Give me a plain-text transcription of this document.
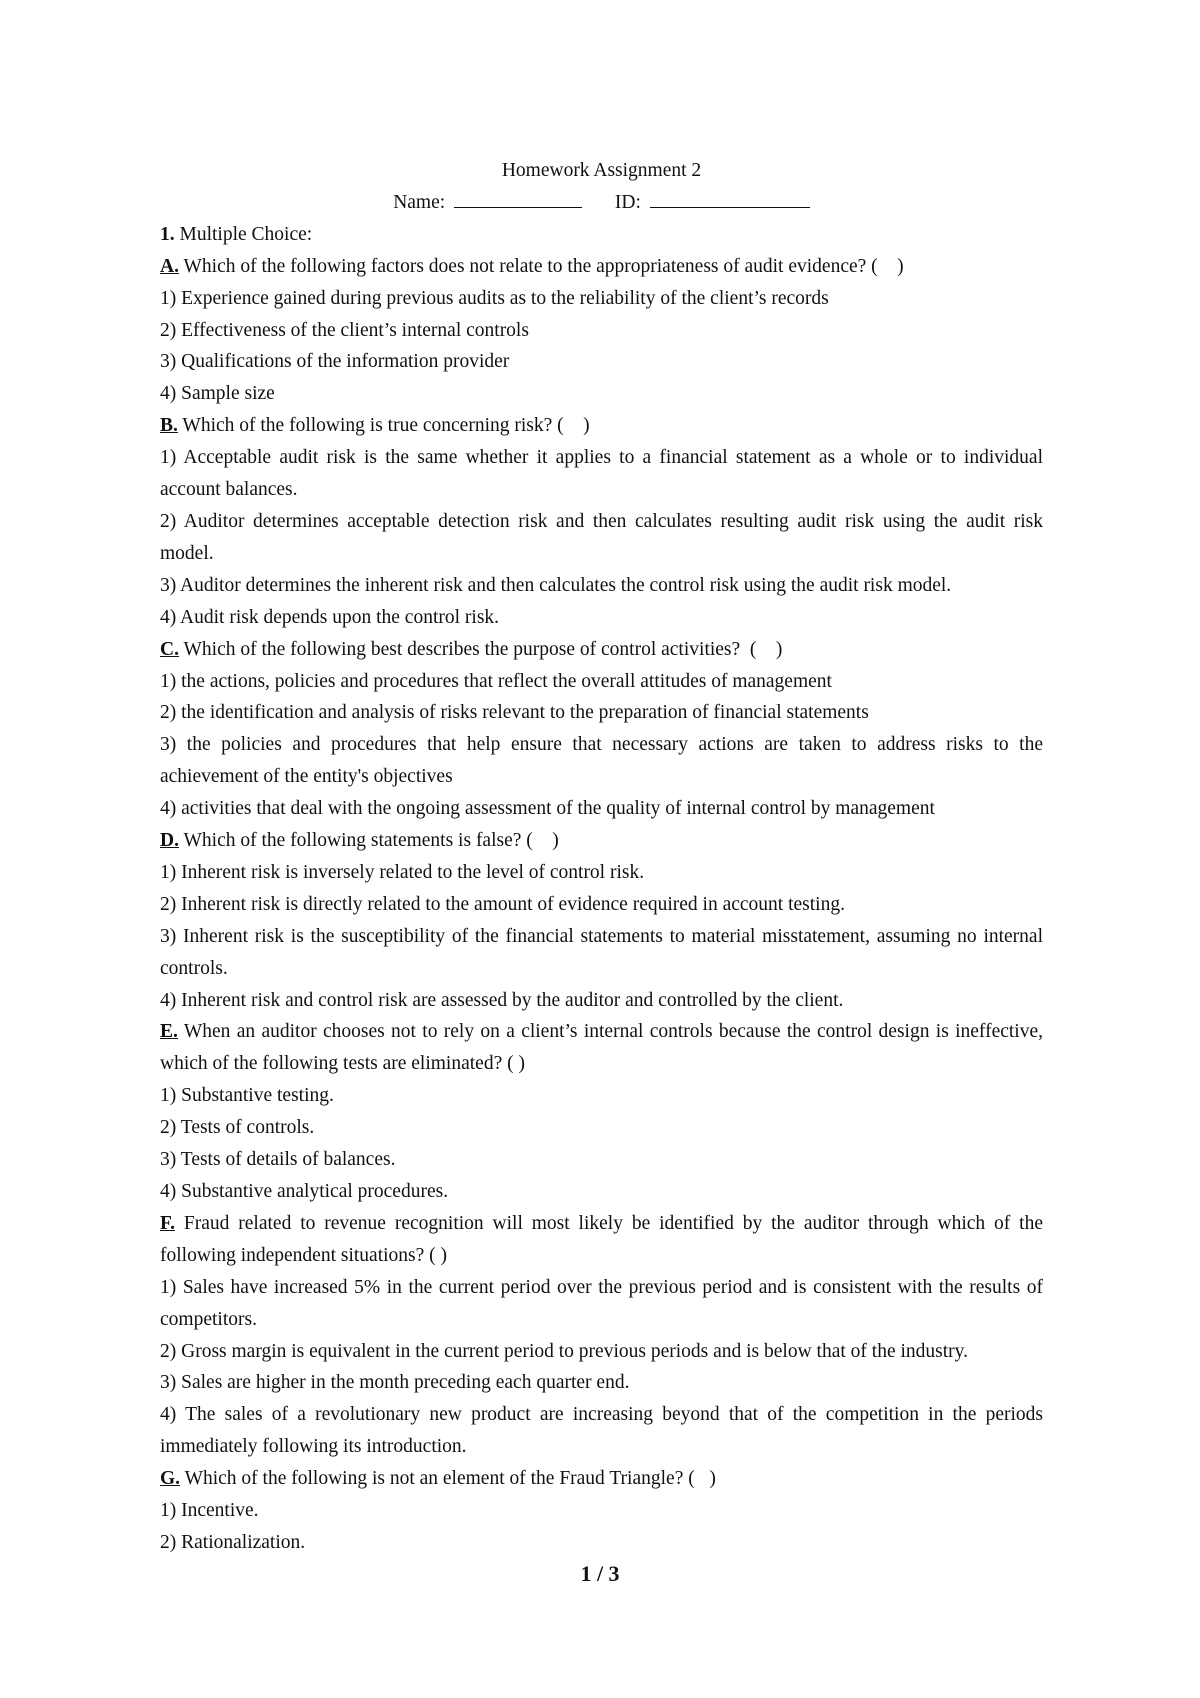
Homework Assignment 2

Name:	ID:

1. Multiple Choice:

A. Which of the following factors does not relate to the appropriateness of audit evidence? (    )

1) Experience gained during previous audits as to the reliability of the client’s records

2) Effectiveness of the client’s internal controls

3) Qualifications of the information provider

4) Sample size

B. Which of the following is true concerning risk? (    )

1) Acceptable audit risk is the same whether it applies to a financial statement as a whole or to individual account balances.

2) Auditor determines acceptable detection risk and then calculates resulting audit risk using the audit risk model.

3) Auditor determines the inherent risk and then calculates the control risk using the audit risk model.

4) Audit risk depends upon the control risk.

C. Which of the following best describes the purpose of control activities?  (    )

1) the actions, policies and procedures that reflect the overall attitudes of management

2) the identification and analysis of risks relevant to the preparation of financial statements

3) the policies and procedures that help ensure that necessary actions are taken to address risks to the achievement of the entity's objectives

4) activities that deal with the ongoing assessment of the quality of internal control by management

D. Which of the following statements is false? (    )

1) Inherent risk is inversely related to the level of control risk.

2) Inherent risk is directly related to the amount of evidence required in account testing.

3) Inherent risk is the susceptibility of the financial statements to material misstatement, assuming no internal controls.

4) Inherent risk and control risk are assessed by the auditor and controlled by the client.

E. When an auditor chooses not to rely on a client’s internal controls because the control design is ineffective, which of the following tests are eliminated? ( )

1) Substantive testing.

2) Tests of controls.

3) Tests of details of balances.

4) Substantive analytical procedures.

F. Fraud related to revenue recognition will most likely be identified by the auditor through which of the following independent situations? ( )

1) Sales have increased 5% in the current period over the previous period and is consistent with the results of competitors.

2) Gross margin is equivalent in the current period to previous periods and is below that of the industry.

3) Sales are higher in the month preceding each quarter end.

4) The sales of a revolutionary new product are increasing beyond that of the competition in the periods immediately following its introduction.

G. Which of the following is not an element of the Fraud Triangle? (   )

1) Incentive.

2) Rationalization.

1 / 3
